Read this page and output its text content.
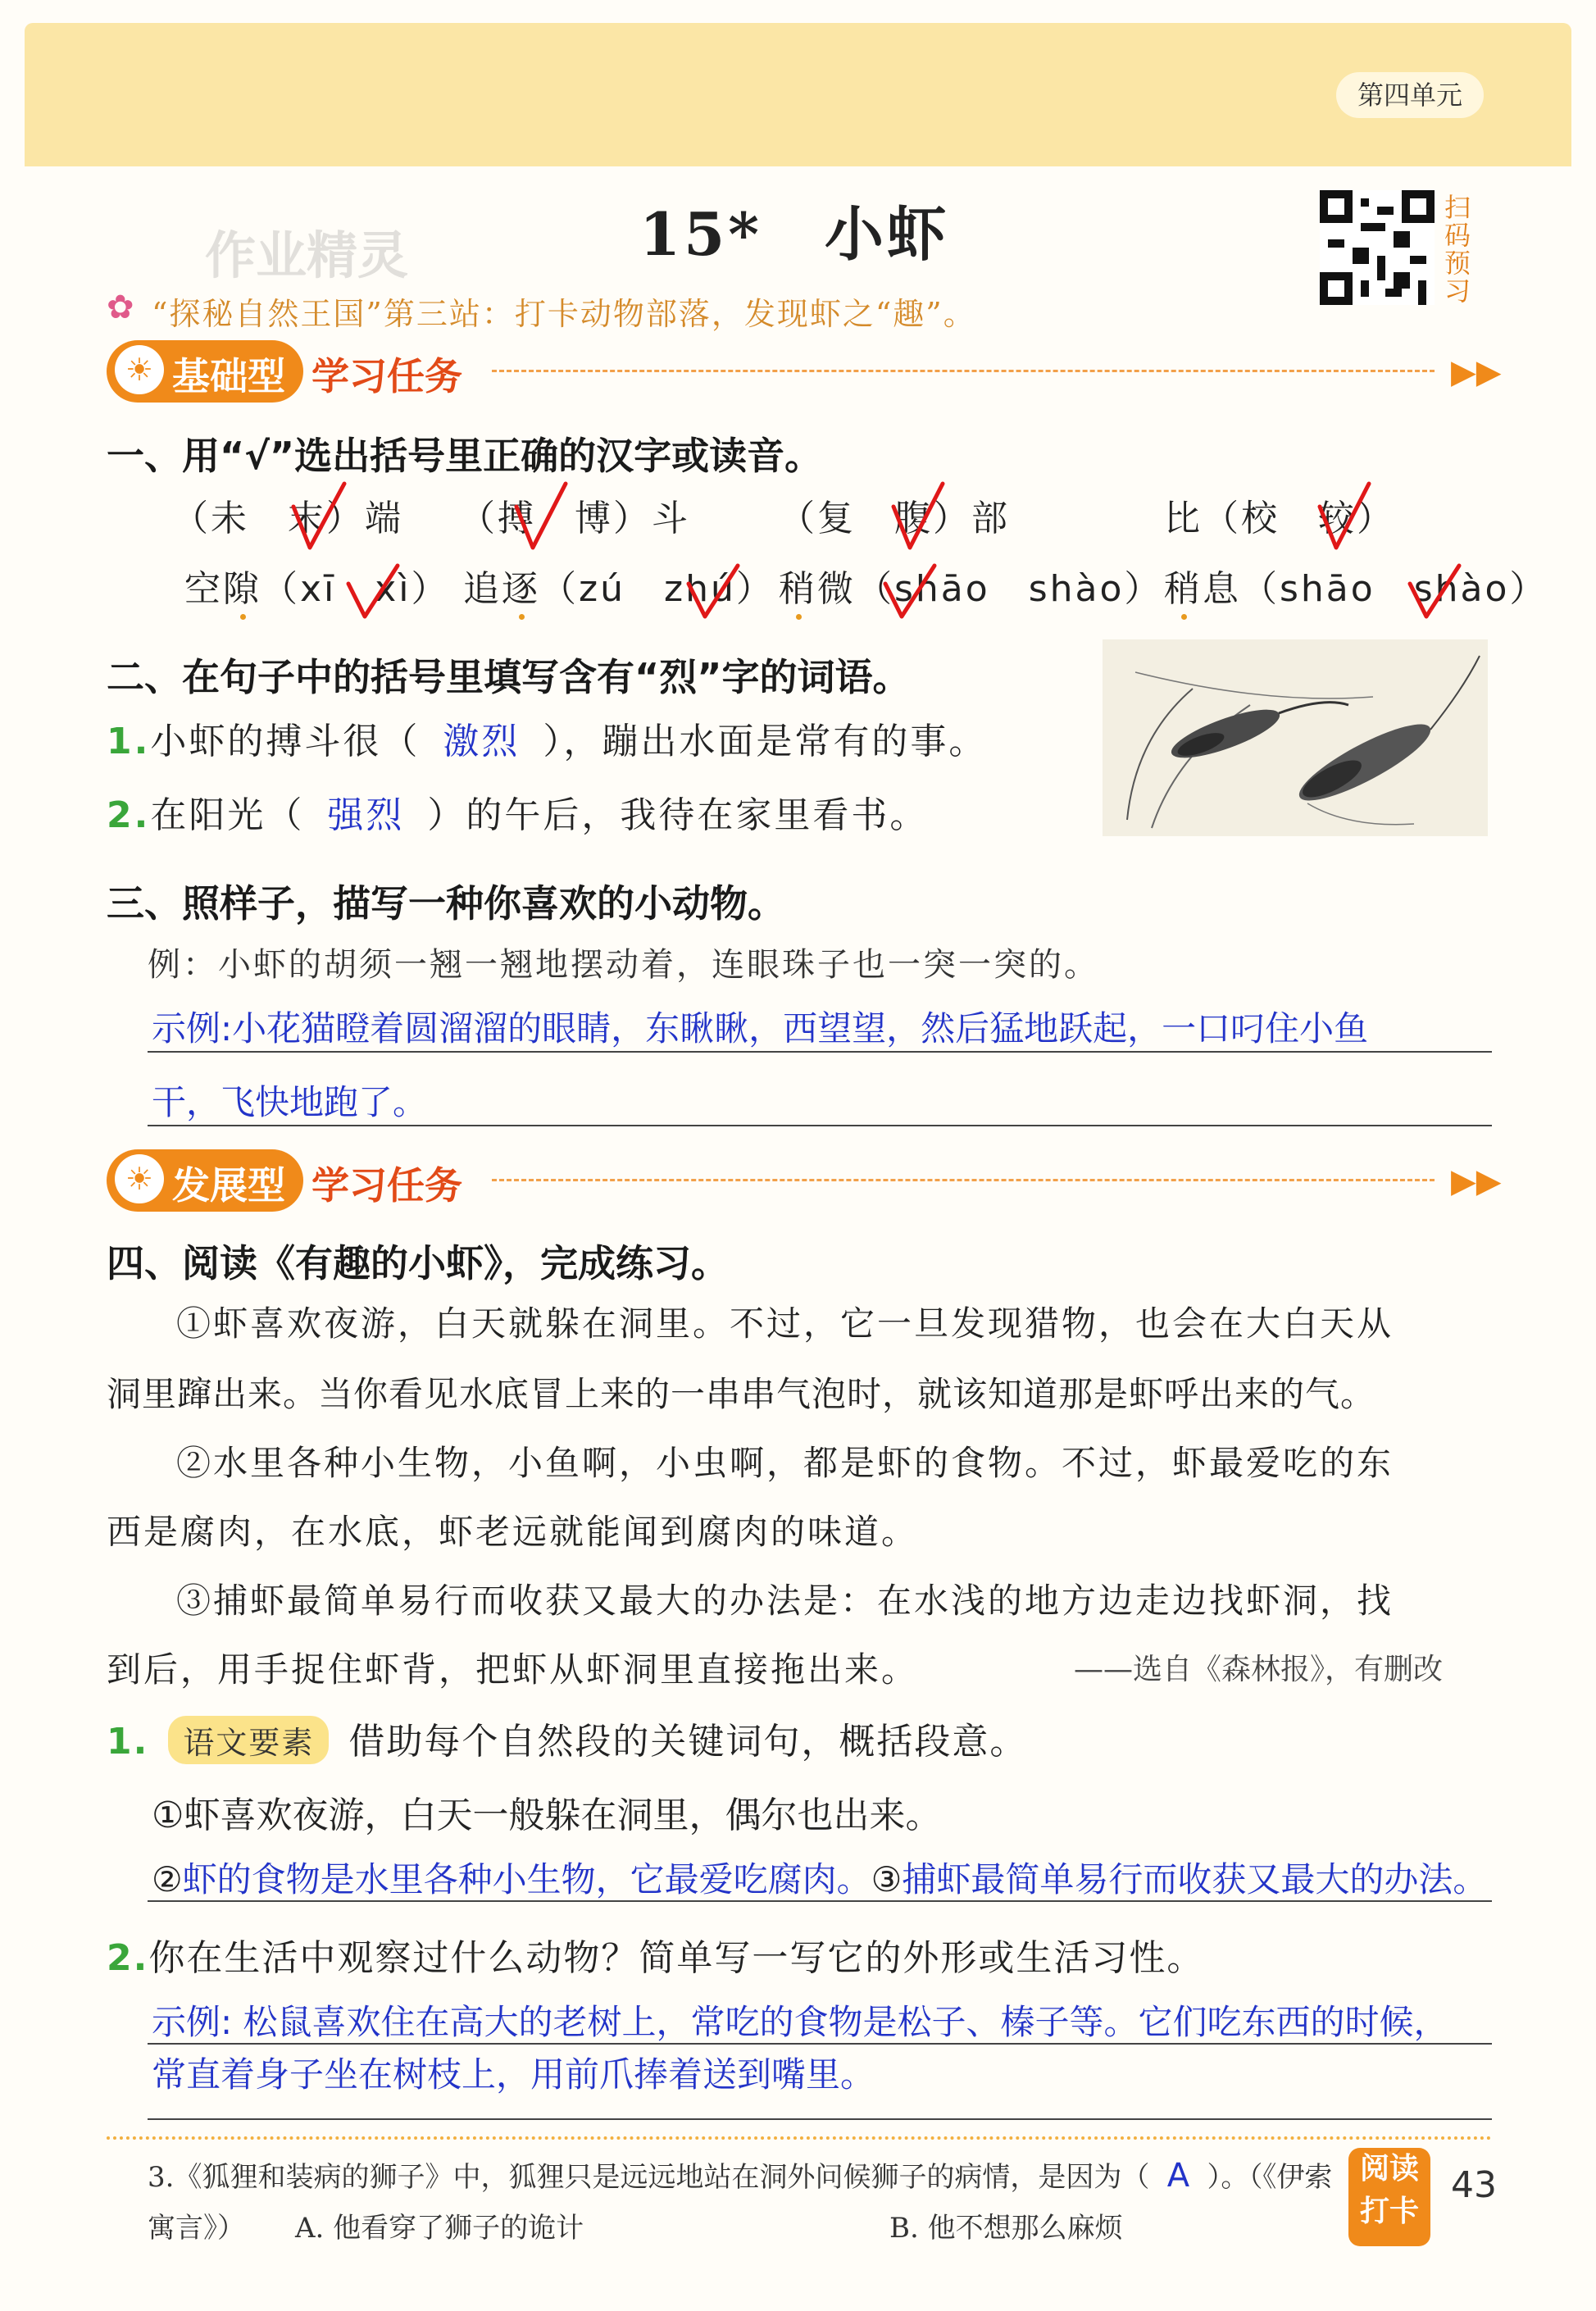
第四单元
15*　小虾
作业精灵
扫码预习
✿ “探秘自然王国”第三站：打卡动物部落，发现虾之“趣”。
☀ 基础型 学习任务	▶▶
一、用“√”选出括号里正确的汉字或读音。
（未　末）端 （搏　博）斗 （复　腹）部	比（校　较）
空隙（xī　xì） 追逐（zú　zhú） 稍微（shāo　shào） 稍息（shāo　shào）
二、在句子中的括号里填写含有“烈”字的词语。
1.小虾的搏斗很（ 激烈 ），蹦出水面是常有的事。
2.在阳光（ 强烈 ）的午后，我待在家里看书。
三、照样子，描写一种你喜欢的小动物。
例：小虾的胡须一翘一翘地摆动着，连眼珠子也一突一突的。
示例:小花猫瞪着圆溜溜的眼睛，东瞅瞅，西望望，然后猛地跃起，一口叼住小鱼
干，飞快地跑了。
☀ 发展型 学习任务	▶▶
四、阅读《有趣的小虾》，完成练习。
①虾喜欢夜游，白天就躲在洞里。不过，它一旦发现猎物，也会在大白天从
洞里蹿出来。当你看见水底冒上来的一串串气泡时，就该知道那是虾呼出来的气。
②水里各种小生物，小鱼啊，小虫啊，都是虾的食物。不过，虾最爱吃的东
西是腐肉，在水底，虾老远就能闻到腐肉的味道。
③捕虾最简单易行而收获又最大的办法是：在水浅的地方边走边找虾洞，找
到后，用手捉住虾背，把虾从虾洞里直接拖出来。	——选自《森林报》，有删改
1. 语文要素 借助每个自然段的关键词句，概括段意。
①虾喜欢夜游，白天一般躲在洞里，偶尔也出来。
②虾的食物是水里各种小生物，它最爱吃腐肉。③捕虾最简单易行而收获又最大的办法。
2.你在生活中观察过什么动物？简单写一写它的外形或生活习性。
示例: 松鼠喜欢住在高大的老树上，常吃的食物是松子、榛子等。它们吃东西的时候，
常直着身子坐在树枝上，用前爪捧着送到嘴里。
3.《狐狸和装病的狮子》中，狐狸只是远远地站在洞外问候狮子的病情，是因为（ A ）。（《伊索
寓言》） A. 他看穿了狮子的诡计	B. 他不想那么麻烦
阅读
打卡
43
